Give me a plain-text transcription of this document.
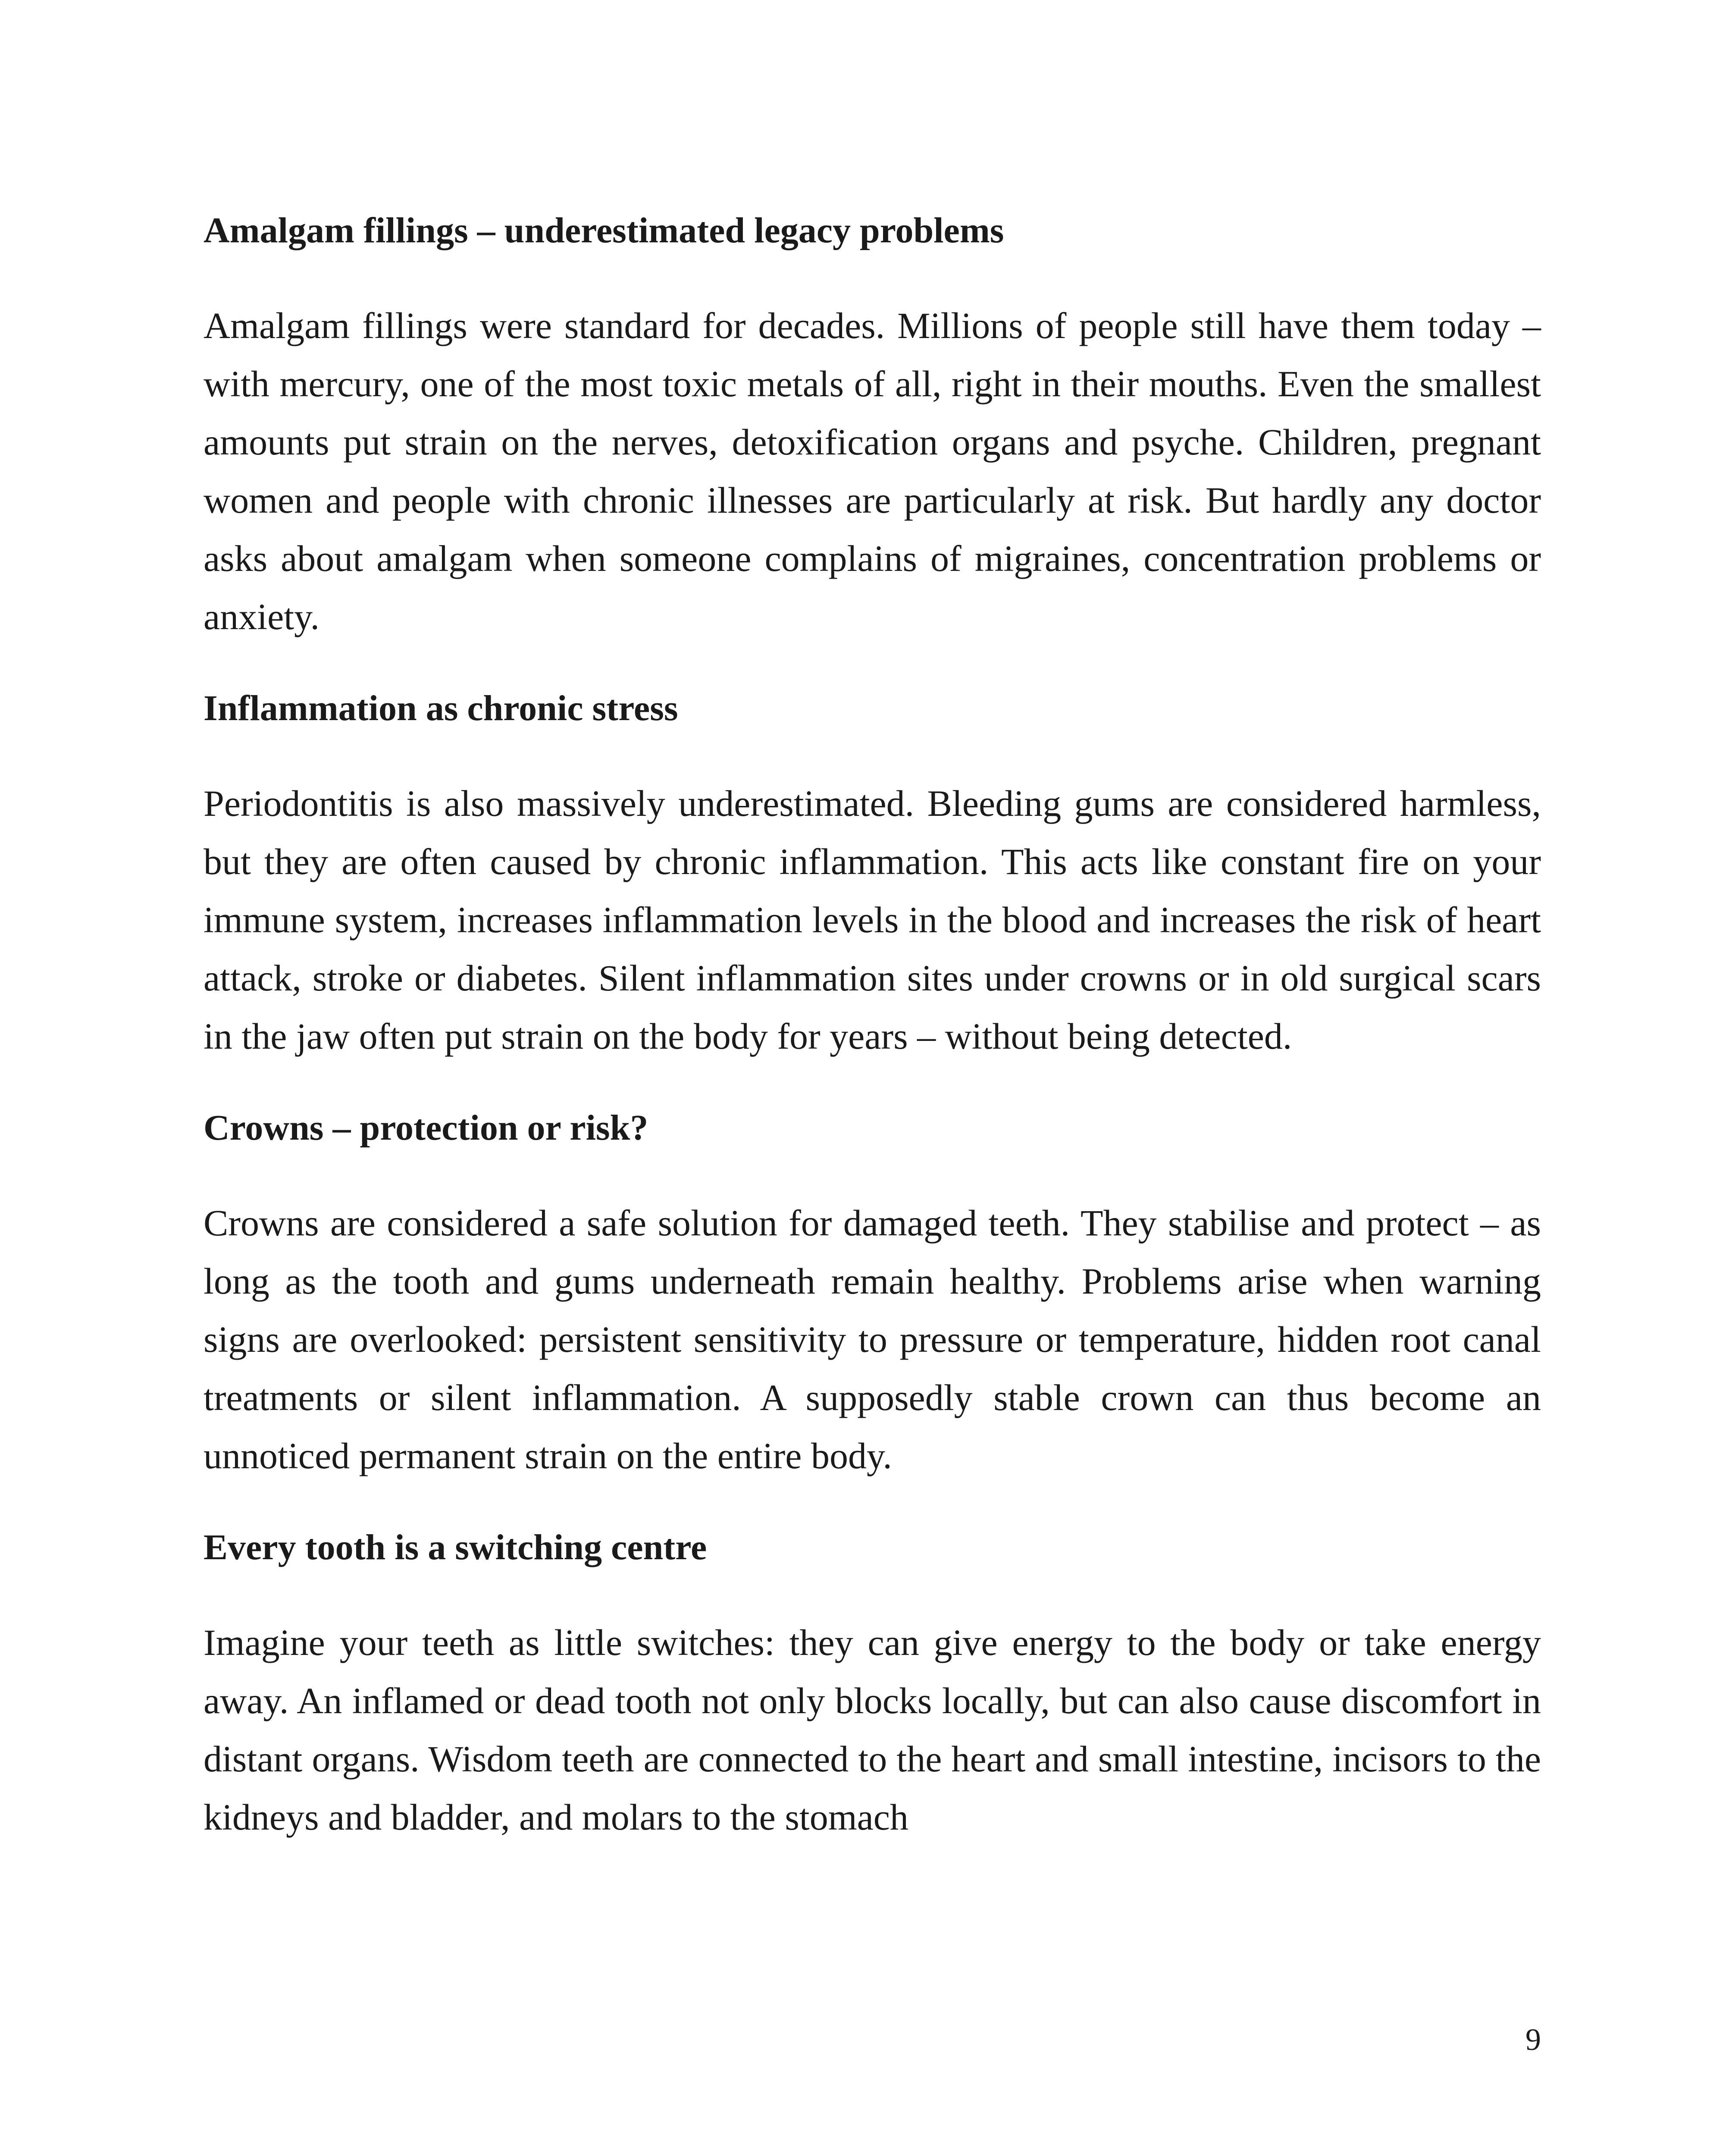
Amalgam fillings – underestimated legacy problems

Amalgam fillings were standard for decades. Millions of people still have them today – with mercury, one of the most toxic metals of all, right in their mouths. Even the smallest amounts put strain on the nerves, detoxification organs and psyche. Children, pregnant women and people with chronic illnesses are particularly at risk. But hardly any doctor asks about amalgam when someone complains of migraines, concentration problems or anxiety.

Inflammation as chronic stress

Periodontitis is also massively underestimated. Bleeding gums are considered harmless, but they are often caused by chronic inflammation. This acts like constant fire on your immune system, increases inflammation levels in the blood and increases the risk of heart attack, stroke or diabetes. Silent inflammation sites under crowns or in old surgical scars in the jaw often put strain on the body for years – without being detected.

Crowns – protection or risk?

Crowns are considered a safe solution for damaged teeth. They stabilise and protect – as long as the tooth and gums underneath remain healthy. Problems arise when warning signs are overlooked: persistent sensitivity to pressure or temperature, hidden root canal treatments or silent inflammation. A supposedly stable crown can thus become an unnoticed permanent strain on the entire body.

Every tooth is a switching centre

Imagine your teeth as little switches: they can give energy to the body or take energy away. An inflamed or dead tooth not only blocks locally, but can also cause discomfort in distant organs. Wisdom teeth are connected to the heart and small intestine, incisors to the kidneys and bladder, and molars to the stomach

9
